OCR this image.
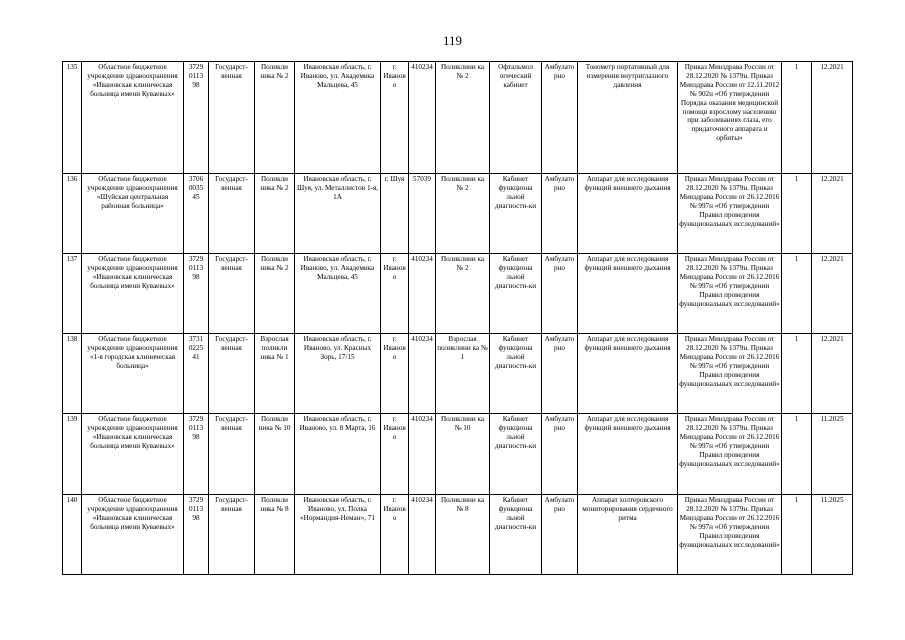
119
135	Областное бюджетное учреждение здравоохранения «Ивановская клиническая больница имени Куваевых»	3729 0113 98	Государст-венная	Поликли ника № 2	Ивановская область, г. Иваново, ул. Академика Мальцева, 45	г. Иваново	410234	Поликлини ка № 2	Офтальмол огический кабинет	Амбулато рно	Тонометр портативный для измерения внутриглазного давления	Приказ Минздрава России от 28.12.2020 № 1379н. Приказ Минздрава России от 12.11.2012 № 902н «Об утверждении Порядка оказания медицинской помощи взрослому населению при заболеваниях глаза, его придаточного аппарата и орбиты»	1	12.2021
136	Областное бюджетное учреждение здравоохранения «Шуйская центральная районная больница»	3706 0035 45	Государст-венная	Поликли ника № 2	Ивановская область, г. Шуя, ул. Металлистов 1-я, 1А	г. Шуя	57039	Поликлини ка № 2	Кабинет функциона льной диагности-ки	Амбулато рно	Аппарат для исследования функций внешнего дыхания	Приказ Минздрава России от 28.12.2020 № 1379н. Приказ Минздрава России от 26.12.2016 № 997н «Об утверждении Правил проведения функциональных исследований»	1	12.2021
137	Областное бюджетное учреждение здравоохранения «Ивановская клиническая больница имени Куваевых»	3729 0113 98	Государст-венная	Поликли ника № 2	Ивановская область, г. Иваново, ул. Академика Мальцева, 45	г. Иваново	410234	Поликлини ка № 2	Кабинет функциона льной диагности-ки	Амбулато рно	Аппарат для исследования функций внешнего дыхания	Приказ Минздрава России от 28.12.2020 № 1379н. Приказ Минздрава России от 26.12.2016 № 997н «Об утверждении Правил проведения функциональных исследований»	1	12.2021
138	Областное бюджетное учреждение здравоохранения «1-я городская клиническая больница»	3731 0225 41	Государст-венная	Взрослая поликли ника № 1	Ивановская область, г. Иваново, ул. Красных Зорь, 17/15	г. Иваново	410234	Взрослая поликлини ка № 1	Кабинет функциона льной диагности-ки	Амбулато рно	Аппарат для исследования функций внешнего дыхания	Приказ Минздрава России от 28.12.2020 № 1379н. Приказ Минздрава России от 26.12.2016 № 997н «Об утверждении Правил проведения функциональных исследований»	1	12.2021
139	Областное бюджетное учреждение здравоохранения «Ивановская клиническая больница имени Куваевых»	3729 0113 98	Государст-венная	Поликли ника № 10	Ивановская область, г. Иваново, ул. 8 Марта, 16	г. Иваново	410234	Поликлини ка № 10	Кабинет функциона льной диагности-ки	Амбулато рно	Аппарат для исследования функций внешнего дыхания	Приказ Минздрава России от 28.12.2020 № 1379н. Приказ Минздрава России от 26.12.2016 № 997н «Об утверждении Правил проведения функциональных исследований»	1	11.2025
140	Областное бюджетное учреждение здравоохранения «Ивановская клиническая больница имени Куваевых»	3729 0113 98	Государст-венная	Поликли ника № 8	Ивановская область, г. Иваново, ул. Полка «Нормандия-Неман», 71	г. Иваново	410234	Поликлини ка № 8	Кабинет функциона льной диагности-ки	Амбулато рно	Аппарат холтеровского мониторирования сердечного ритма	Приказ Минздрава России от 28.12.2020 № 1379н. Приказ Минздрава России от 26.12.2016 № 997н «Об утверждении Правил проведения функциональных исследований»	1	11.2025
